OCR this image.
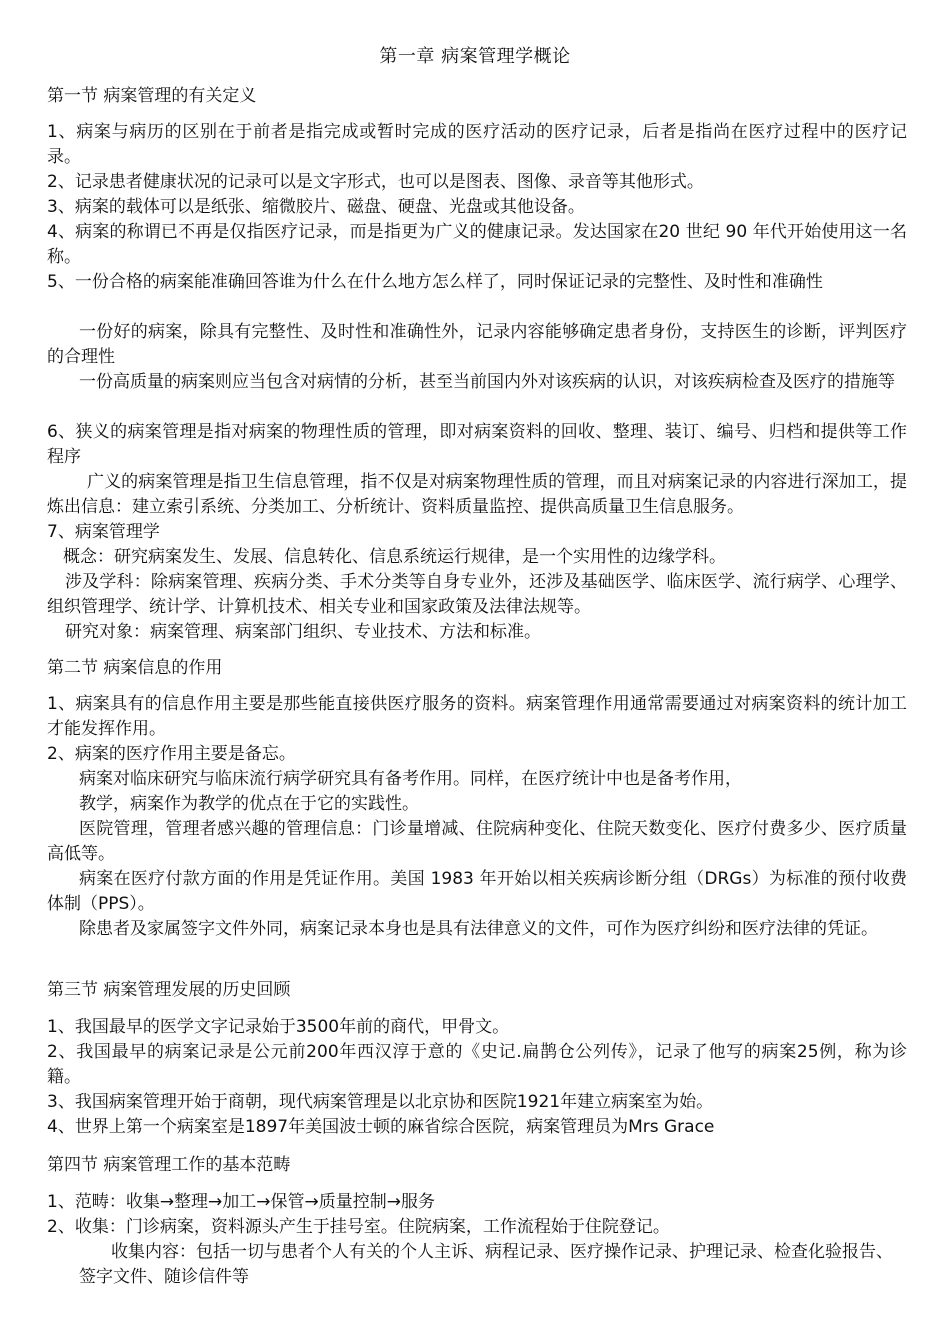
第一章 病案管理学概论
第一节 病案管理的有关定义

1、病案与病历的区别在于前者是指完成或暂时完成的医疗活动的医疗记录，后者是指尚在医疗过程中的医疗记录。

2、记录患者健康状况的记录可以是文字形式，也可以是图表、图像、录音等其他形式。

3、病案的载体可以是纸张、缩微胶片、磁盘、硬盘、光盘或其他设备。

4、病案的称谓已不再是仅指医疗记录，而是指更为广义的健康记录。发达国家在20 世纪 90 年代开始使用这一名称。

5、一份合格的病案能准确回答谁为什么在什么地方怎么样了，同时保证记录的完整性、及时性和准确性

一份好的病案，除具有完整性、及时性和准确性外，记录内容能够确定患者身份，支持医生的诊断，评判医疗的合理性

一份高质量的病案则应当包含对病情的分析，甚至当前国内外对该疾病的认识，对该疾病检查及医疗的措施等

6、狭义的病案管理是指对病案的物理性质的管理，即对病案资料的回收、整理、装订、编号、归档和提供等工作程序

广义的病案管理是指卫生信息管理，指不仅是对病案物理性质的管理，而且对病案记录的内容进行深加工，提炼出信息：建立索引系统、分类加工、分析统计、资料质量监控、提供高质量卫生信息服务。

7、病案管理学

概念：研究病案发生、发展、信息转化、信息系统运行规律，是一个实用性的边缘学科。

涉及学科：除病案管理、疾病分类、手术分类等自身专业外，还涉及基础医学、临床医学、流行病学、心理学、组织管理学、统计学、计算机技术、相关专业和国家政策及法律法规等。

研究对象：病案管理、病案部门组织、专业技术、方法和标准。

第二节 病案信息的作用

1、病案具有的信息作用主要是那些能直接供医疗服务的资料。病案管理作用通常需要通过对病案资料的统计加工才能发挥作用。

2、病案的医疗作用主要是备忘。

病案对临床研究与临床流行病学研究具有备考作用。同样，在医疗统计中也是备考作用，

教学，病案作为教学的优点在于它的实践性。

医院管理，管理者感兴趣的管理信息：门诊量增减、住院病种变化、住院天数变化、医疗付费多少、医疗质量高低等。

病案在医疗付款方面的作用是凭证作用。美国 1983 年开始以相关疾病诊断分组（DRGs）为标准的预付收费体制（PPS）。

除患者及家属签字文件外同，病案记录本身也是具有法律意义的文件，可作为医疗纠纷和医疗法律的凭证。

第三节 病案管理发展的历史回顾

1、我国最早的医学文字记录始于3500年前的商代，甲骨文。

2、我国最早的病案记录是公元前200年西汉淳于意的《史记.扁鹊仓公列传》，记录了他写的病案25例，称为诊籍。

3、我国病案管理开始于商朝，现代病案管理是以北京协和医院1921年建立病案室为始。

4、世界上第一个病案室是1897年美国波士顿的麻省综合医院，病案管理员为Mrs Grace

第四节 病案管理工作的基本范畴

1、范畴：收集→整理→加工→保管→质量控制→服务

2、收集：门诊病案，资料源头产生于挂号室。住院病案，工作流程始于住院登记。

收集内容：包括一切与患者个人有关的个人主诉、病程记录、医疗操作记录、护理记录、检查化验报告、签字文件、随诊信件等
